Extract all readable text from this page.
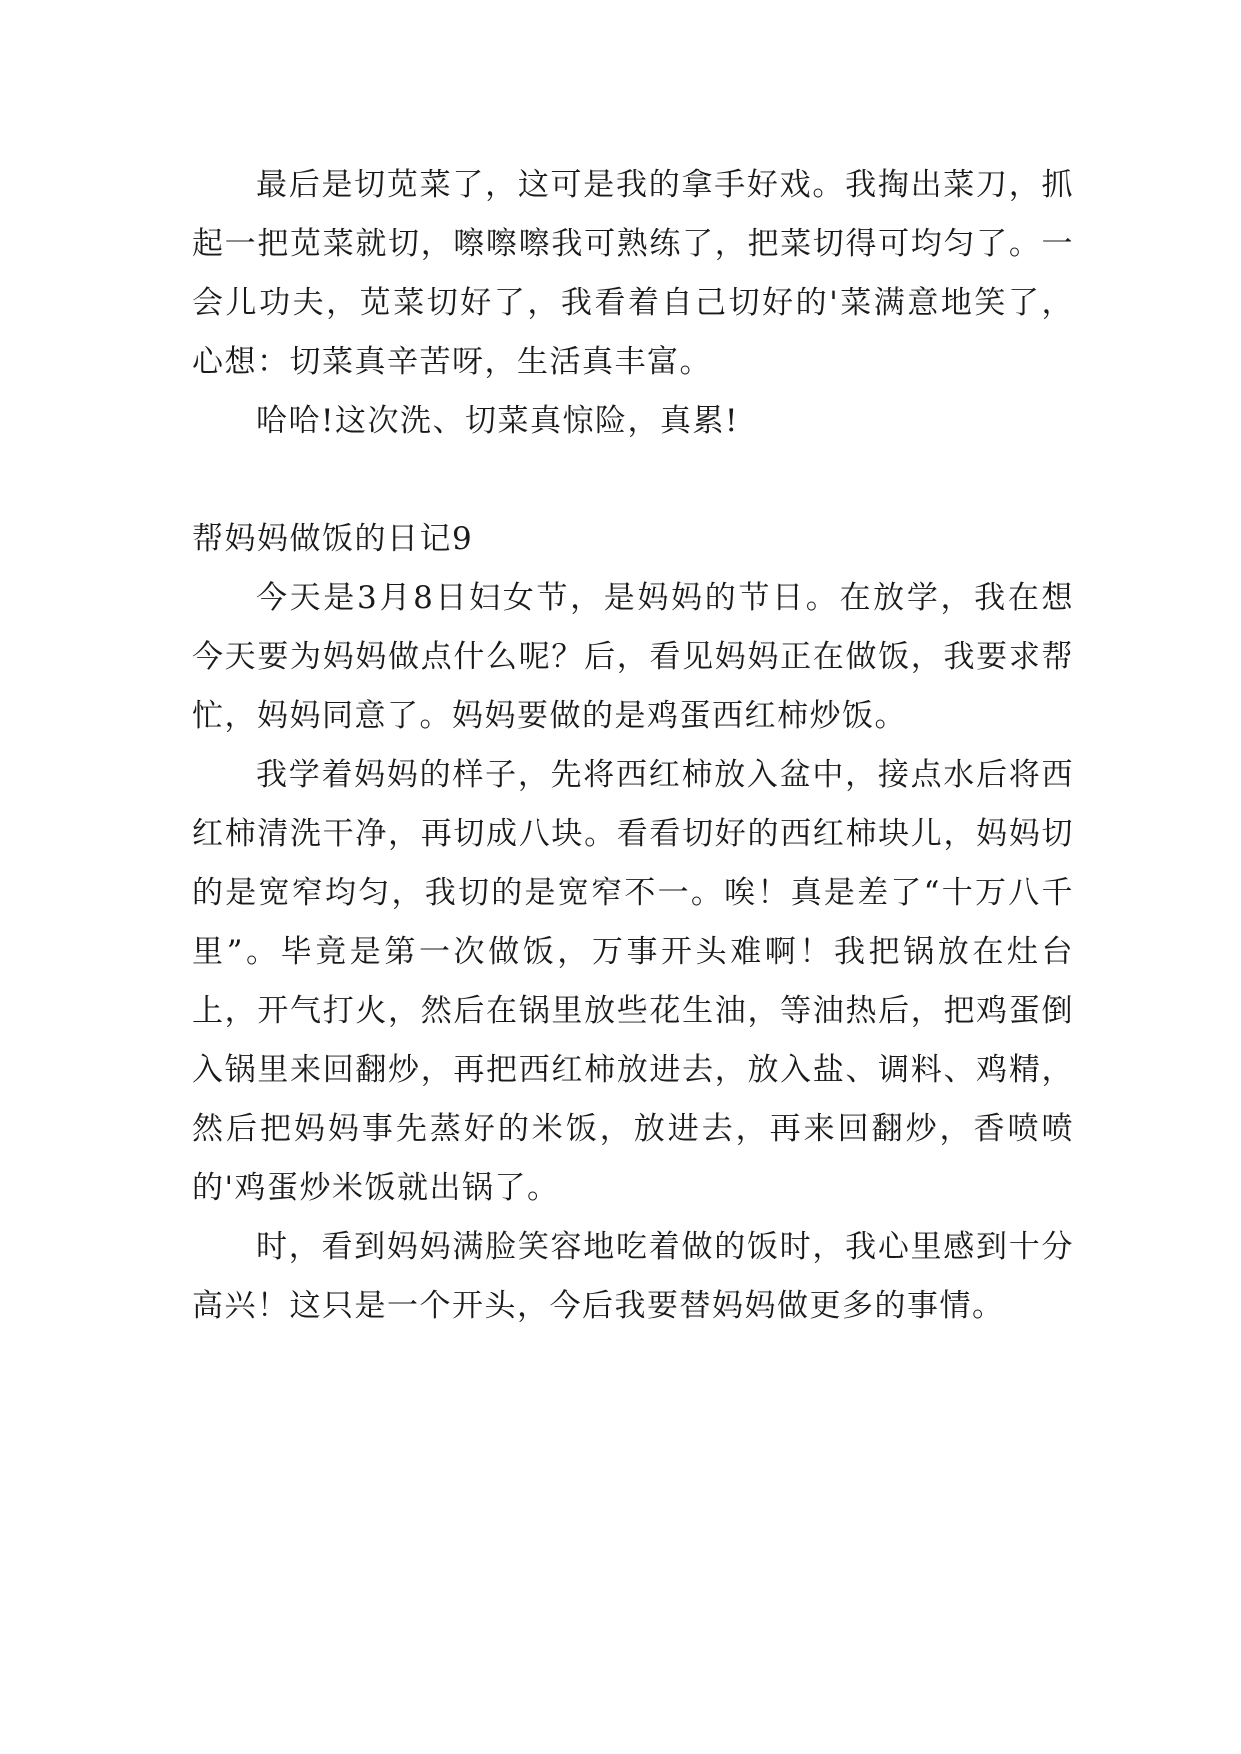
最后是切苋菜了，这可是我的拿手好戏。我掏出菜刀，抓起一把苋菜就切，嚓嚓嚓我可熟练了，把菜切得可均匀了。一会儿功夫，苋菜切好了，我看着自己切好的'菜满意地笑了，心想：切菜真辛苦呀，生活真丰富。

哈哈!这次洗、切菜真惊险，真累!

帮妈妈做饭的日记9

今天是3月8日妇女节，是妈妈的节日。在放学，我在想今天要为妈妈做点什么呢？后，看见妈妈正在做饭，我要求帮忙，妈妈同意了。妈妈要做的是鸡蛋西红柿炒饭。

我学着妈妈的样子，先将西红柿放入盆中，接点水后将西红柿清洗干净，再切成八块。看看切好的西红柿块儿，妈妈切的是宽窄均匀，我切的是宽窄不一。唉！真是差了“十万八千里”。毕竟是第一次做饭，万事开头难啊！我把锅放在灶台上，开气打火，然后在锅里放些花生油，等油热后，把鸡蛋倒入锅里来回翻炒，再把西红柿放进去，放入盐、调料、鸡精，然后把妈妈事先蒸好的米饭，放进去，再来回翻炒，香喷喷的'鸡蛋炒米饭就出锅了。

时，看到妈妈满脸笑容地吃着做的饭时，我心里感到十分高兴！这只是一个开头，今后我要替妈妈做更多的事情。
